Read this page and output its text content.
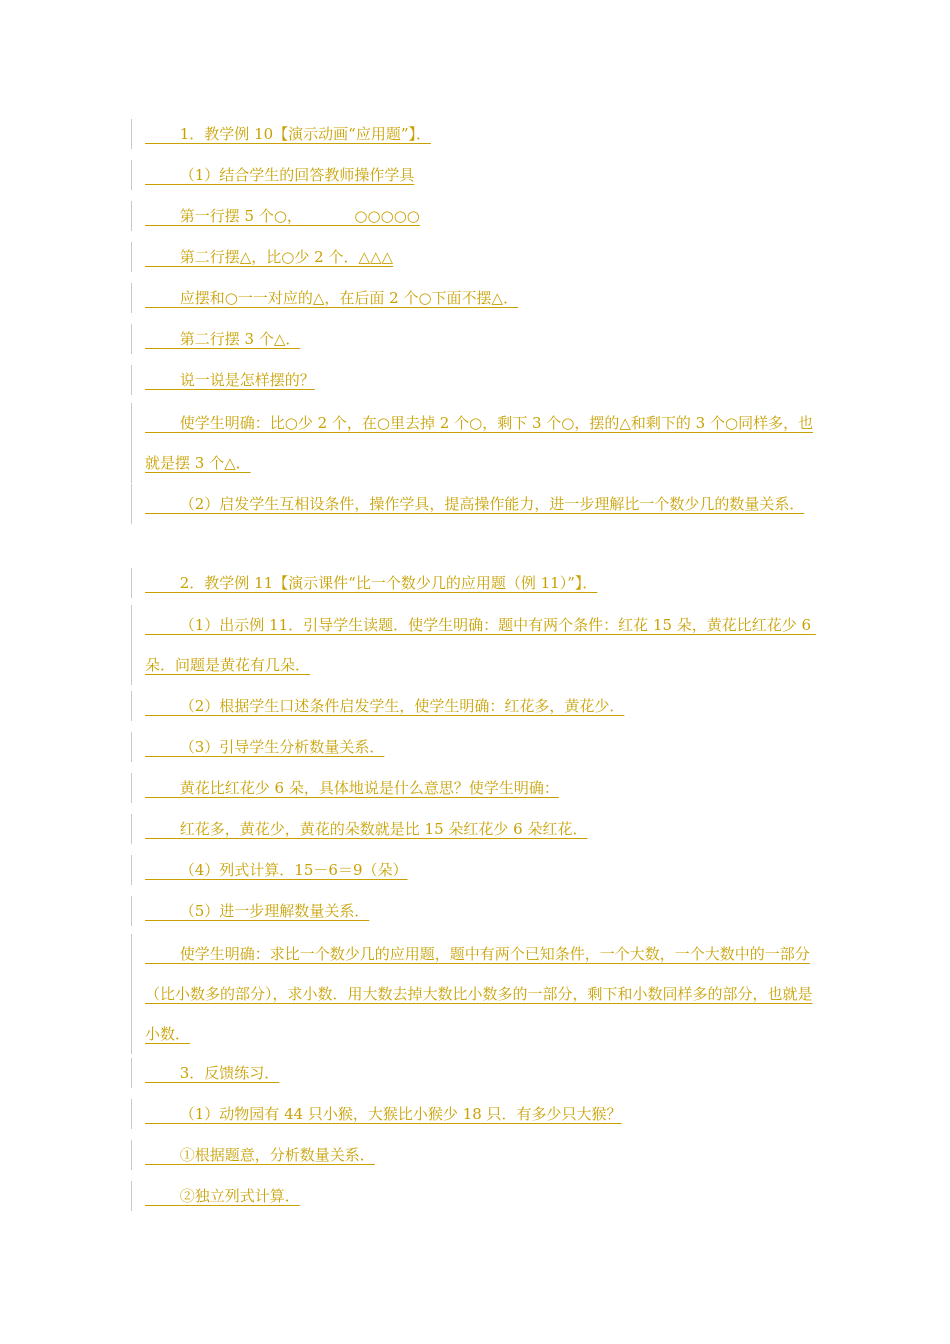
　　 1．教学例 10【演示动画“应用题”】．
　　 （1）结合学生的回答教师操作学具
　　 第一行摆 5 个○，　　　　○○○○○
　　 第二行摆△，比○少 2 个．△△△
　　 应摆和○一一对应的△，在后面 2 个○下面不摆△．
　　 第二行摆 3 个△．
　　 说一说是怎样摆的？
　　 使学生明确：比○少 2 个，在○里去掉 2 个○，剩下 3 个○，摆的△和剩下的 3 个○同样多，也就是摆 3 个△．
　　 （2）启发学生互相设条件，操作学具，提高操作能力，进一步理解比一个数少几的数量关系．
　　 2．教学例 11【演示课件“比一个数少几的应用题（例 11）”】．
　　 （1）出示例 11．引导学生读题．使学生明确：题中有两个条件：红花 15 朵，黄花比红花少 6 朵．问题是黄花有几朵．
　　 （2）根据学生口述条件启发学生，使学生明确：红花多，黄花少．
　　 （3）引导学生分析数量关系．
　　 黄花比红花少 6 朵，具体地说是什么意思？使学生明确：
　　 红花多，黄花少，黄花的朵数就是比 15 朵红花少 6 朵红花．
　　 （4）列式计算．15－6＝9（朵）
　　 （5）进一步理解数量关系．
　　 使学生明确：求比一个数少几的应用题，题中有两个已知条件，一个大数，一个大数中的一部分（比小数多的部分），求小数．用大数去掉大数比小数多的一部分，剩下和小数同样多的部分，也就是小数．
　　 3．反馈练习．
　　 （1）动物园有 44 只小猴，大猴比小猴少 18 只．有多少只大猴？
　　 ①根据题意，分析数量关系．
　　 ②独立列式计算．
